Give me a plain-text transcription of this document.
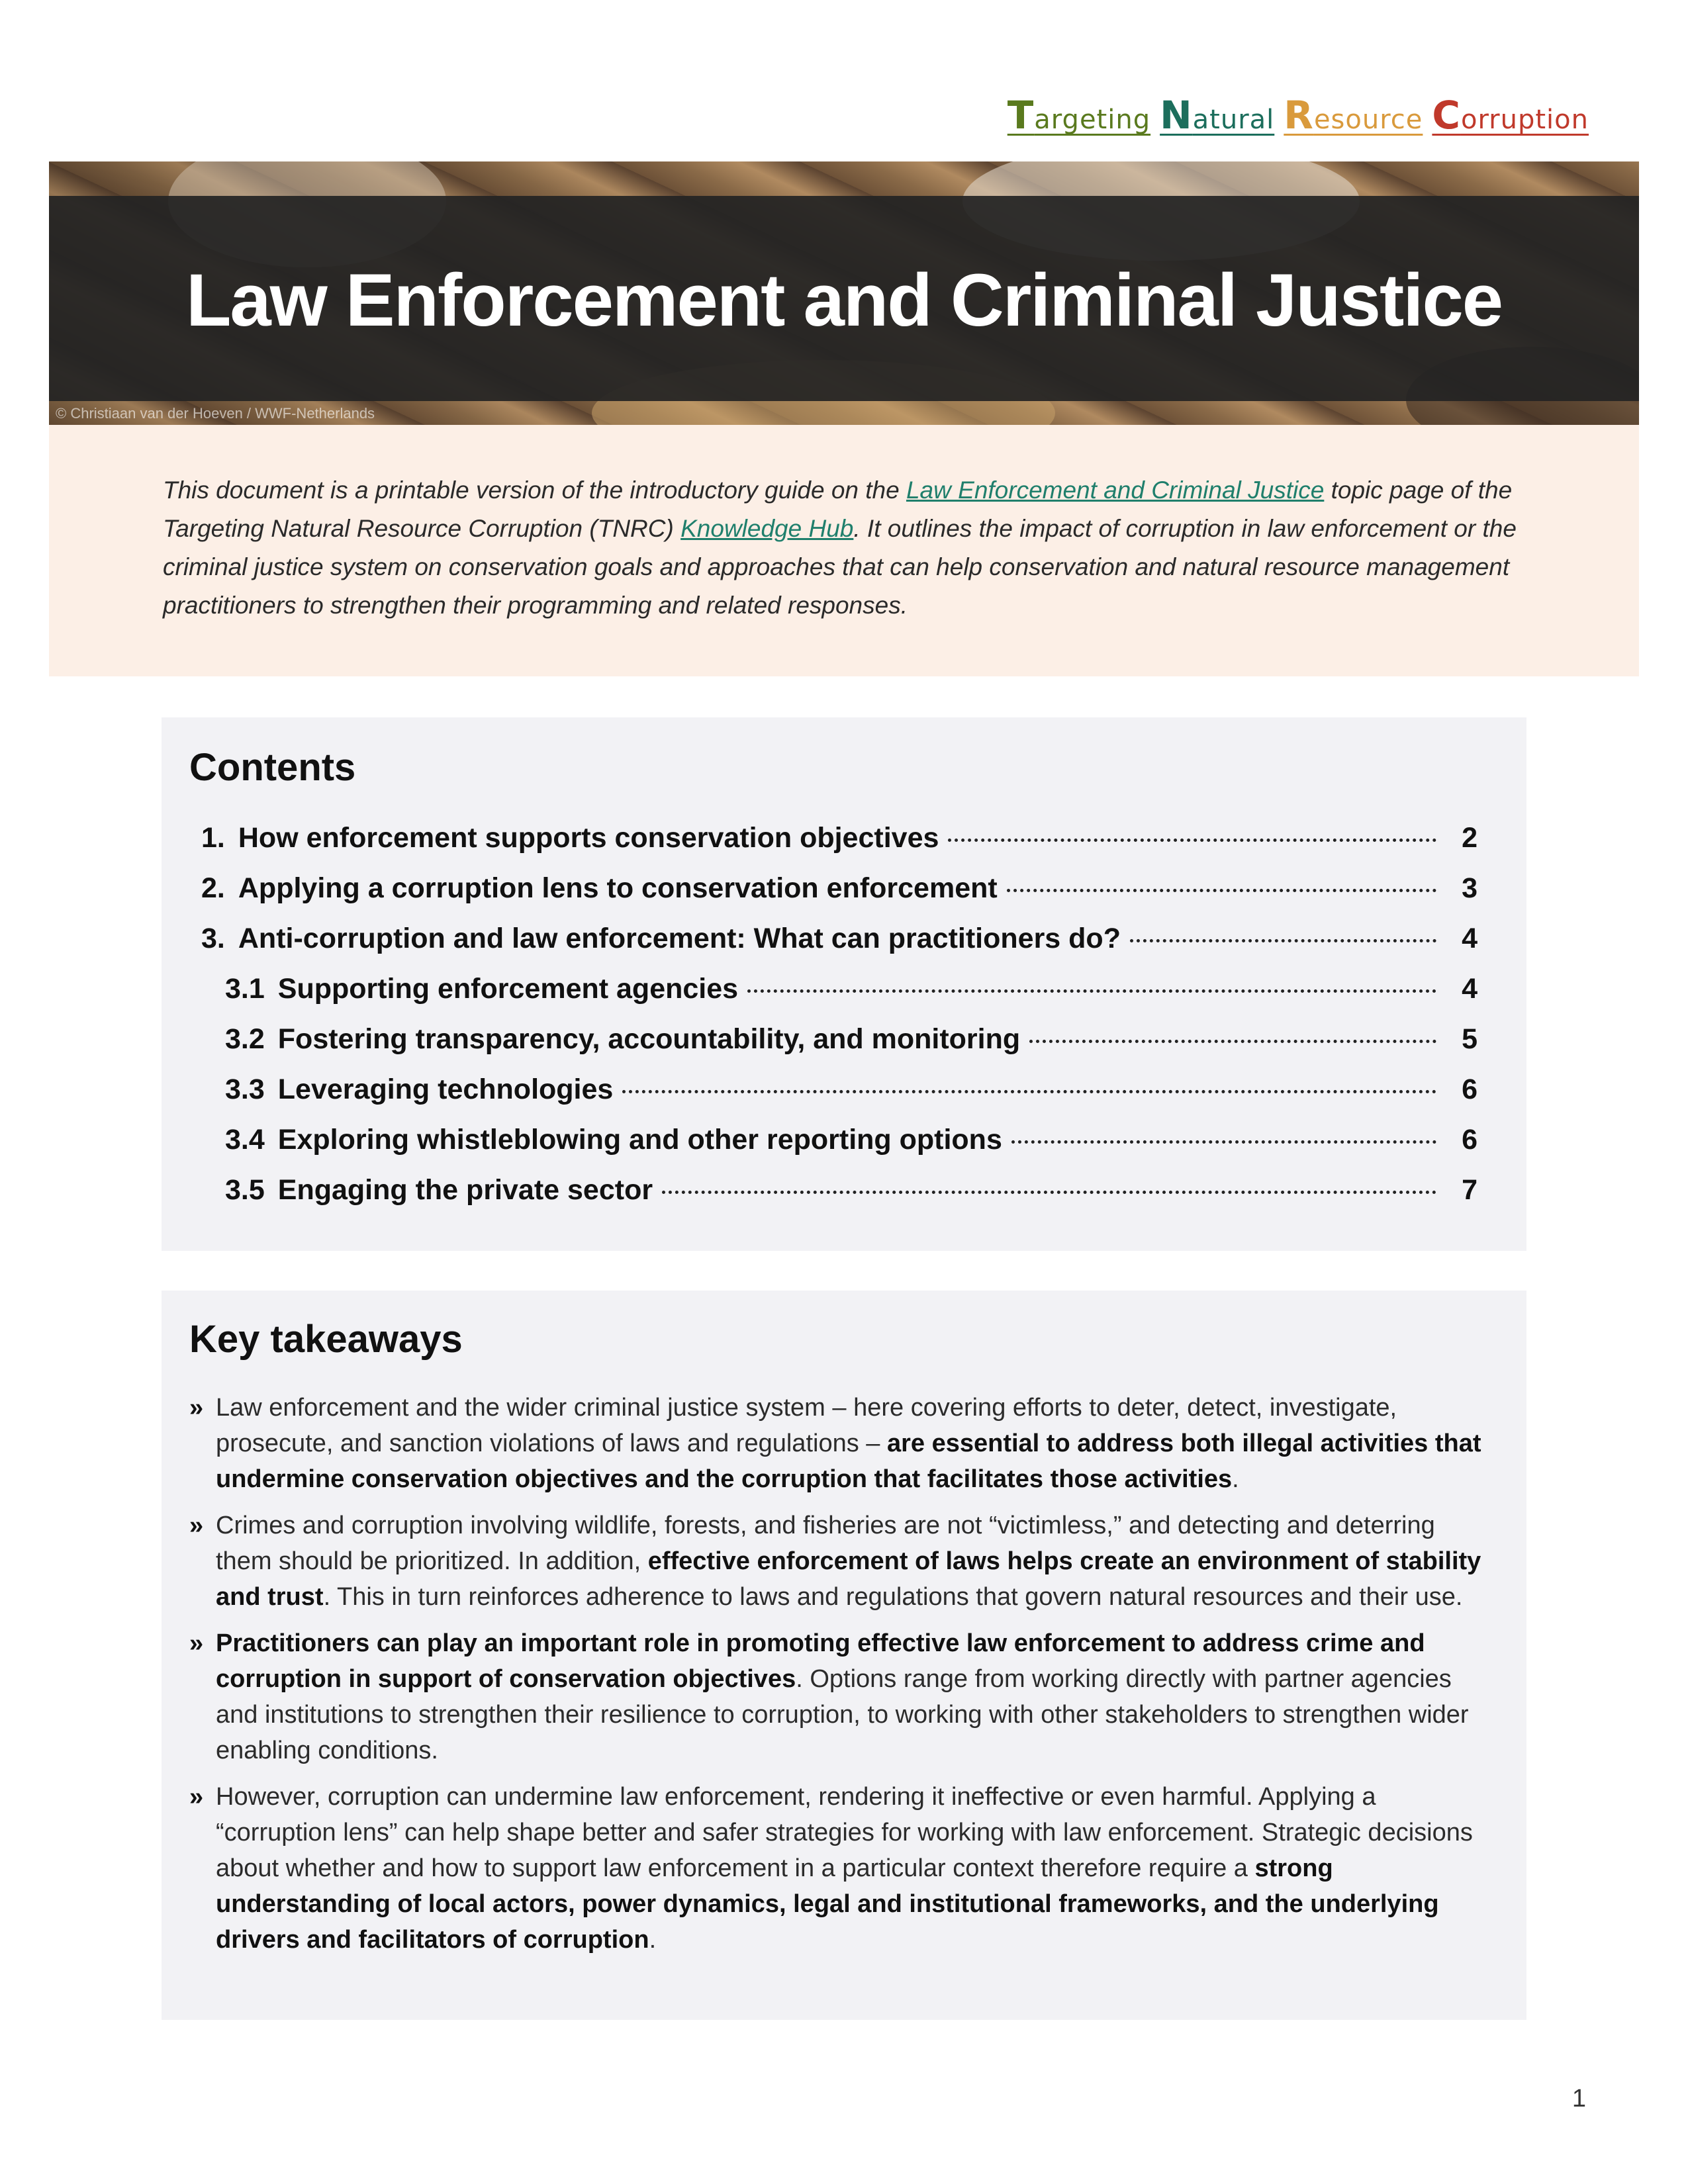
Targeting Natural Resource Corruption
Law Enforcement and Criminal Justice
© Christiaan van der Hoeven / WWF-Netherlands

This document is a printable version of the introductory guide on the Law Enforcement and Criminal Justice topic page of the Targeting Natural Resource Corruption (TNRC) Knowledge Hub. It outlines the impact of corruption in law enforcement or the criminal justice system on conservation goals and approaches that can help conservation and natural resource management practitioners to strengthen their programming and related responses.

Contents
1. How enforcement supports conservation objectives	2
2. Applying a corruption lens to conservation enforcement	3
3. Anti-corruption and law enforcement: What can practitioners do?	4
3.1 Supporting enforcement agencies	4
3.2 Fostering transparency, accountability, and monitoring	5
3.3 Leveraging technologies	6
3.4 Exploring whistleblowing and other reporting options	6
3.5 Engaging the private sector	7
Key takeaways
» Law enforcement and the wider criminal justice system – here covering efforts to deter, detect, investigate, prosecute, and sanction violations of laws and regulations – are essential to address both illegal activities that undermine conservation objectives and the corruption that facilitates those activities.
» Crimes and corruption involving wildlife, forests, and fisheries are not “victimless,” and detecting and deterring them should be prioritized. In addition, effective enforcement of laws helps create an environment of stability and trust. This in turn reinforces adherence to laws and regulations that govern natural resources and their use.
» Practitioners can play an important role in promoting effective law enforcement to address crime and corruption in support of conservation objectives. Options range from working directly with partner agencies and institutions to strengthen their resilience to corruption, to working with other stakeholders to strengthen wider enabling conditions.
» However, corruption can undermine law enforcement, rendering it ineffective or even harmful. Applying a “corruption lens” can help shape better and safer strategies for working with law enforcement. Strategic decisions about whether and how to support law enforcement in a particular context therefore require a strong understanding of local actors, power dynamics, legal and institutional frameworks, and the underlying drivers and facilitators of corruption.
1
